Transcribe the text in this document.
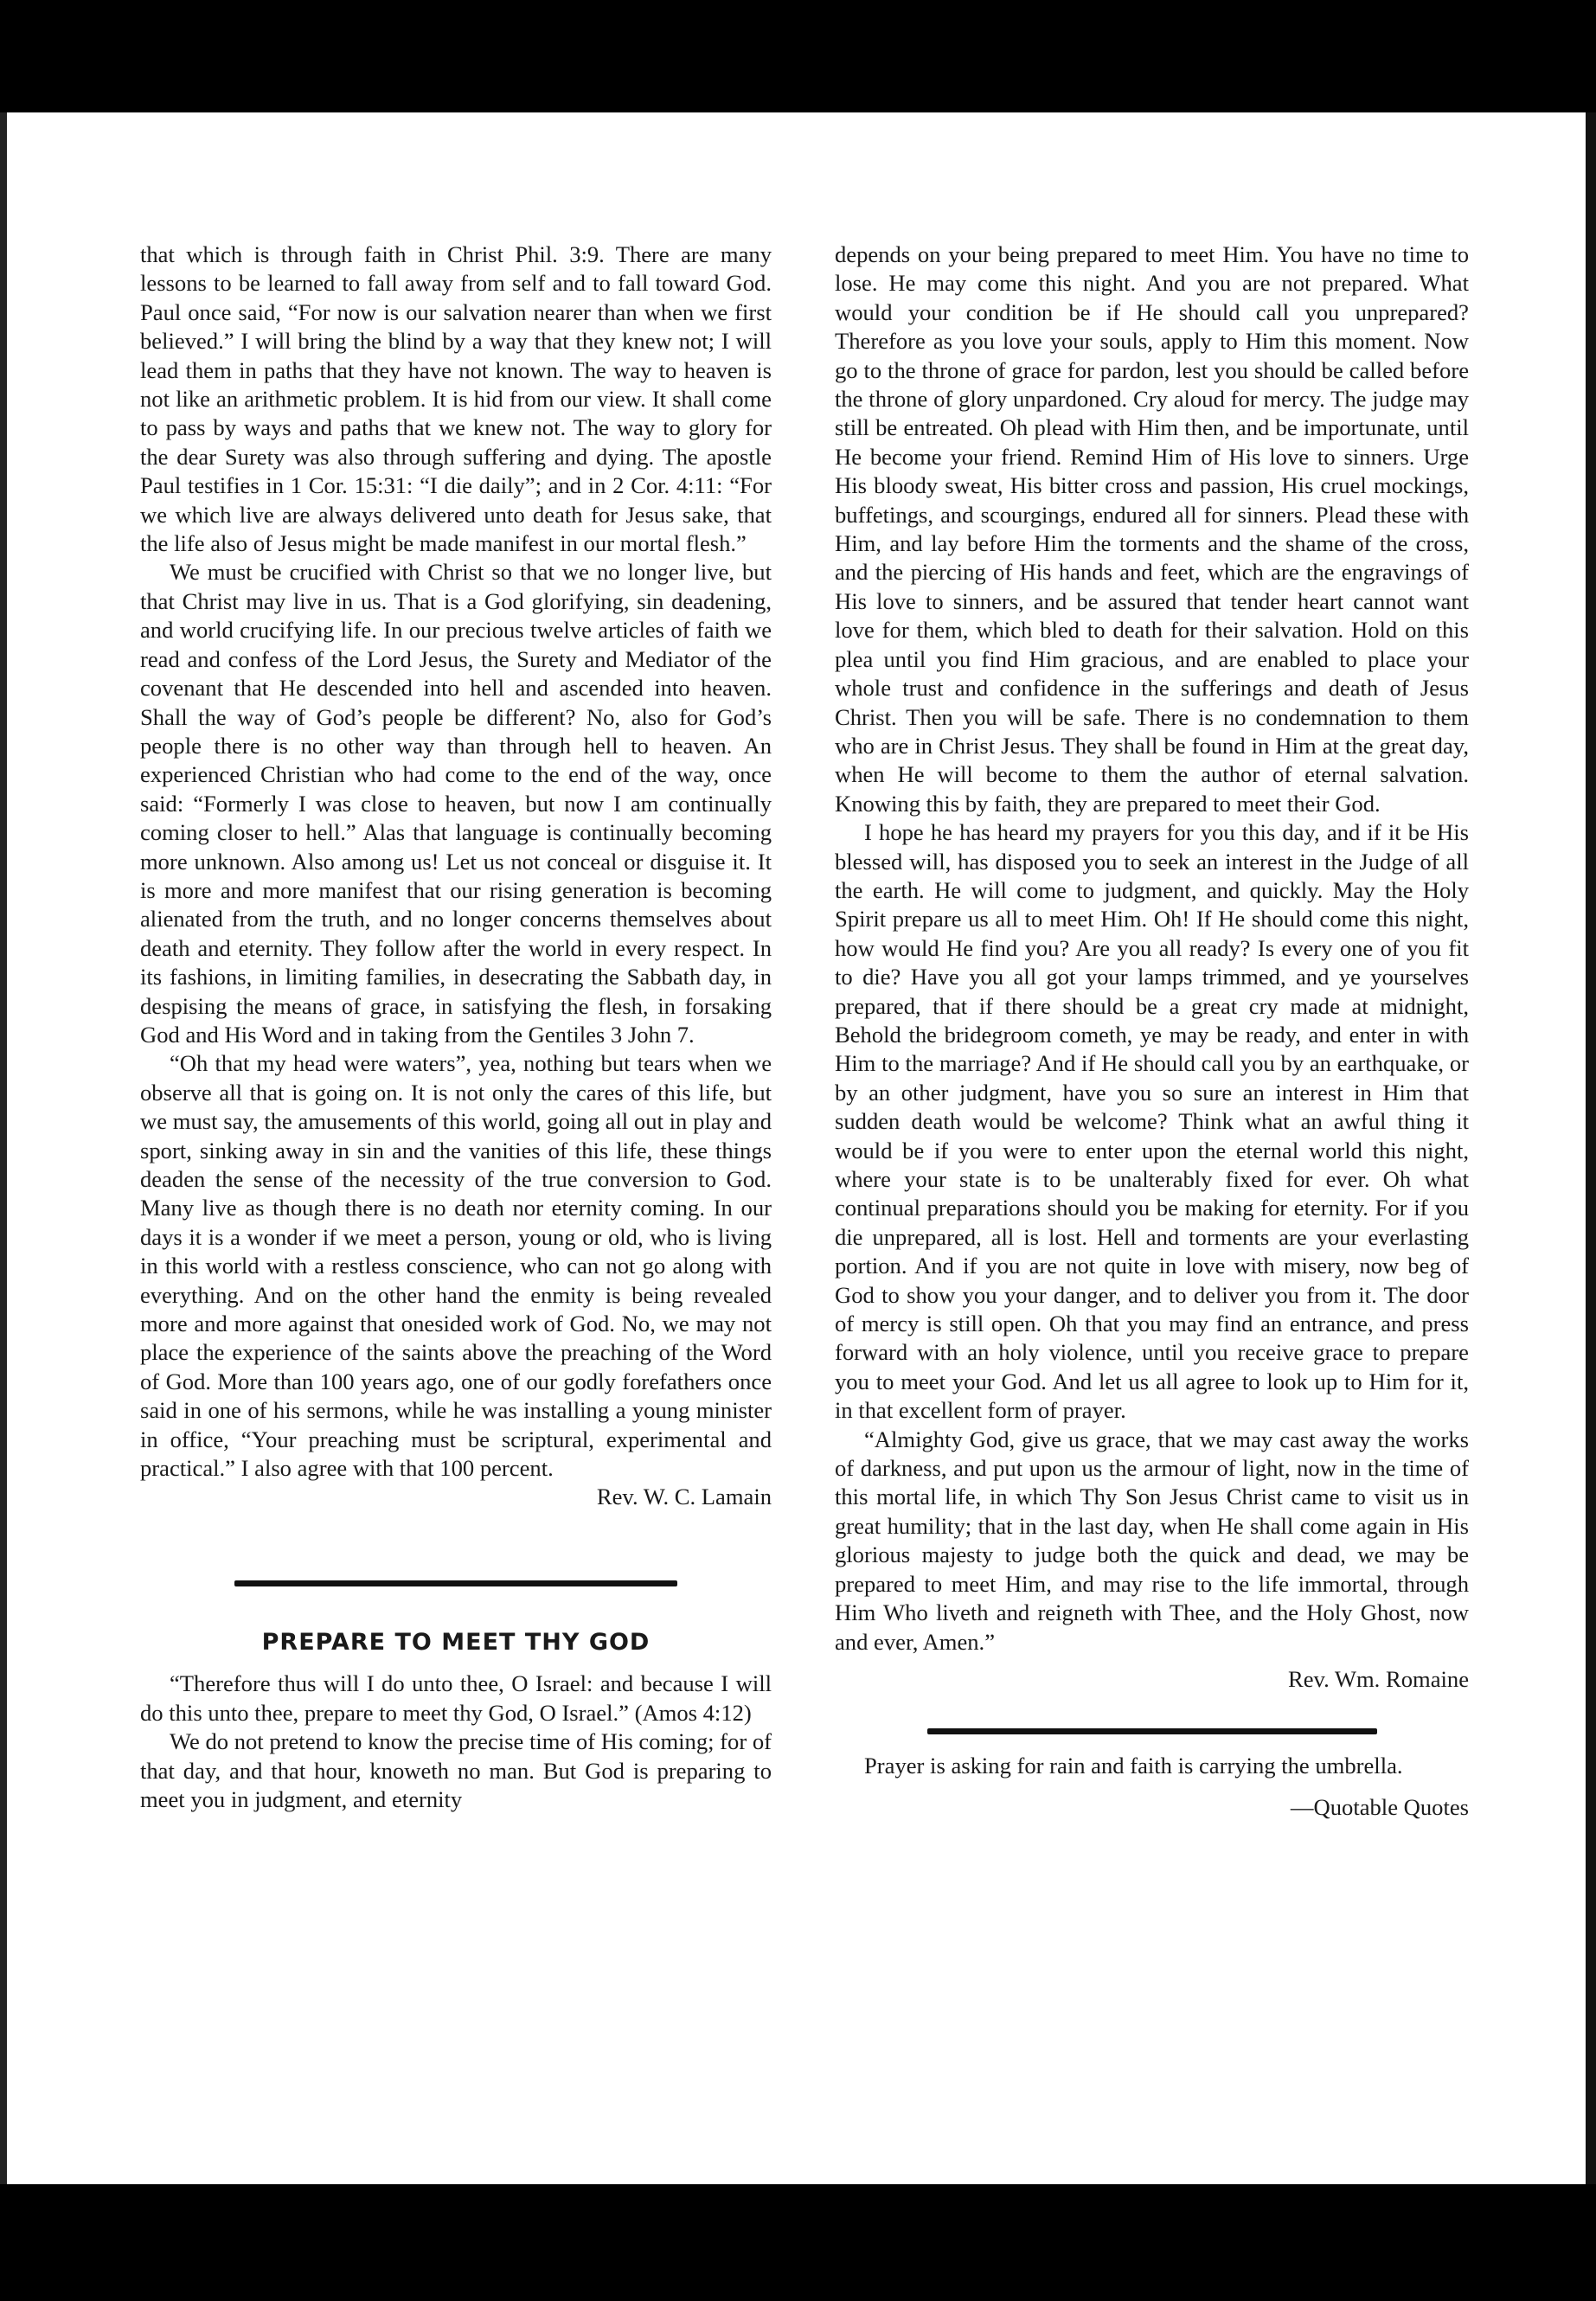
that which is through faith in Christ Phil. 3:9. There are many lessons to be learned to fall away from self and to fall toward God. Paul once said, “For now is our salvation nearer than when we first believed.” I will bring the blind by a way that they knew not; I will lead them in paths that they have not known. The way to heaven is not like an arithmetic problem. It is hid from our view. It shall come to pass by ways and paths that we knew not. The way to glory for the dear Surety was also through suffering and dying. The apostle Paul testifies in 1 Cor. 15:31: “I die daily”; and in 2 Cor. 4:11: “For we which live are always delivered unto death for Jesus sake, that the life also of Jesus might be made manifest in our mortal flesh.”

We must be crucified with Christ so that we no longer live, but that Christ may live in us. That is a God glorifying, sin deadening, and world crucifying life. In our precious twelve articles of faith we read and confess of the Lord Jesus, the Surety and Mediator of the covenant that He descended into hell and ascended into heaven. Shall the way of God’s people be different? No, also for God’s people there is no other way than through hell to heaven. An experienced Christian who had come to the end of the way, once said: “Formerly I was close to heaven, but now I am continually coming closer to hell.” Alas that language is continually becoming more unknown. Also among us! Let us not conceal or disguise it. It is more and more manifest that our rising generation is becoming alienated from the truth, and no longer concerns themselves about death and eternity. They follow after the world in every respect. In its fashions, in limiting families, in desecrating the Sabbath day, in despising the means of grace, in satisfying the flesh, in forsaking God and His Word and in taking from the Gentiles 3 John 7.

“Oh that my head were waters”, yea, nothing but tears when we observe all that is going on. It is not only the cares of this life, but we must say, the amusements of this world, going all out in play and sport, sinking away in sin and the vanities of this life, these things deaden the sense of the necessity of the true conversion to God. Many live as though there is no death nor eternity coming. In our days it is a wonder if we meet a person, young or old, who is living in this world with a restless conscience, who can not go along with everything. And on the other hand the enmity is being revealed more and more against that onesided work of God. No, we may not place the experience of the saints above the preaching of the Word of God. More than 100 years ago, one of our godly forefathers once said in one of his sermons, while he was installing a young minister in office, “Your preaching must be scriptural, experimental and practical.” I also agree with that 100 percent.

Rev. W. C. Lamain

PREPARE TO MEET THY GOD

“Therefore thus will I do unto thee, O Israel: and because I will do this unto thee, prepare to meet thy God, O Israel.” (Amos 4:12)

We do not pretend to know the precise time of His coming; for of that day, and that hour, knoweth no man. But God is preparing to meet you in judgment, and eternity

depends on your being prepared to meet Him. You have no time to lose. He may come this night. And you are not prepared. What would your condition be if He should call you unprepared? Therefore as you love your souls, apply to Him this moment. Now go to the throne of grace for pardon, lest you should be called before the throne of glory unpardoned. Cry aloud for mercy. The judge may still be entreated. Oh plead with Him then, and be importunate, until He become your friend. Remind Him of His love to sinners. Urge His bloody sweat, His bitter cross and passion, His cruel mockings, buffetings, and scourgings, endured all for sinners. Plead these with Him, and lay before Him the torments and the shame of the cross, and the piercing of His hands and feet, which are the engravings of His love to sinners, and be assured that tender heart cannot want love for them, which bled to death for their salvation. Hold on this plea until you find Him gracious, and are enabled to place your whole trust and confidence in the sufferings and death of Jesus Christ. Then you will be safe. There is no condemnation to them who are in Christ Jesus. They shall be found in Him at the great day, when He will become to them the author of eternal salvation. Knowing this by faith, they are prepared to meet their God.

I hope he has heard my prayers for you this day, and if it be His blessed will, has disposed you to seek an interest in the Judge of all the earth. He will come to judgment, and quickly. May the Holy Spirit prepare us all to meet Him. Oh! If He should come this night, how would He find you? Are you all ready? Is every one of you fit to die? Have you all got your lamps trimmed, and ye yourselves prepared, that if there should be a great cry made at midnight, Behold the bridegroom cometh, ye may be ready, and enter in with Him to the marriage? And if He should call you by an earthquake, or by an other judgment, have you so sure an interest in Him that sudden death would be welcome? Think what an awful thing it would be if you were to enter upon the eternal world this night, where your state is to be unalterably fixed for ever. Oh what continual preparations should you be making for eternity. For if you die unprepared, all is lost. Hell and torments are your everlasting portion. And if you are not quite in love with misery, now beg of God to show you your danger, and to deliver you from it. The door of mercy is still open. Oh that you may find an entrance, and press forward with an holy violence, until you receive grace to prepare you to meet your God. And let us all agree to look up to Him for it, in that excellent form of prayer.

“Almighty God, give us grace, that we may cast away the works of darkness, and put upon us the armour of light, now in the time of this mortal life, in which Thy Son Jesus Christ came to visit us in great humility; that in the last day, when He shall come again in His glorious majesty to judge both the quick and dead, we may be prepared to meet Him, and may rise to the life immortal, through Him Who liveth and reigneth with Thee, and the Holy Ghost, now and ever, Amen.”

Rev. Wm. Romaine

Prayer is asking for rain and faith is carrying the umbrella.

—Quotable Quotes
